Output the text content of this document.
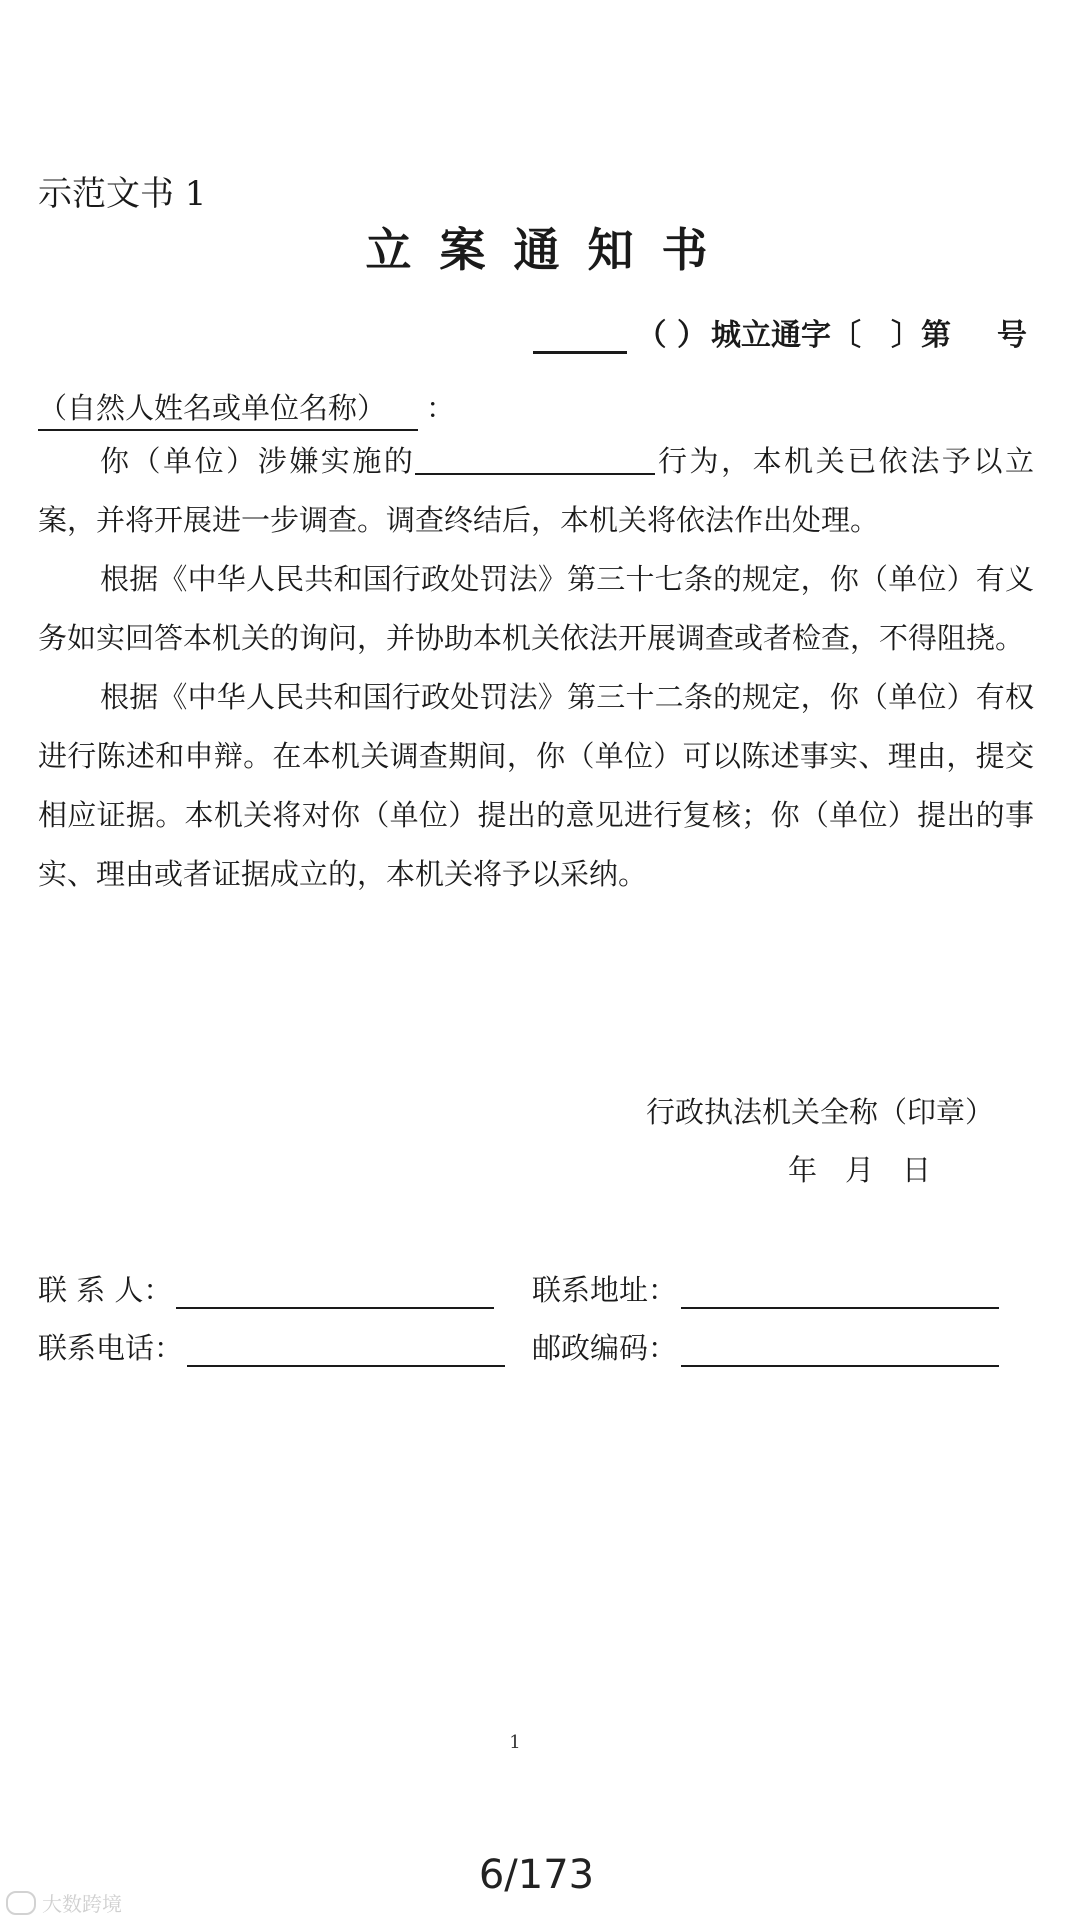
示范文书 1
立案通知书
（ ） 城立通字〔 〕第 号
（自然人姓名或单位名称） ：

你（单位）涉嫌实施的	行为，本机关已依法予以立案，并将开展进一步调查。调查终结后，本机关将依法作出处理。

根据《中华人民共和国行政处罚法》第三十七条的规定，你（单位）有义务如实回答本机关的询问，并协助本机关依法开展调查或者检查，不得阻挠。

根据《中华人民共和国行政处罚法》第三十二条的规定，你（单位）有权进行陈述和申辩。在本机关调查期间，你（单位）可以陈述事实、理由，提交相应证据。本机关将对你（单位）提出的意见进行复核；你（单位）提出的事实、理由或者证据成立的，本机关将予以采纳。

行政执法机关全称（印章）
年 月 日
联 系 人：	联系地址：
联系电话：	邮政编码：
1
6/173
大数跨境
